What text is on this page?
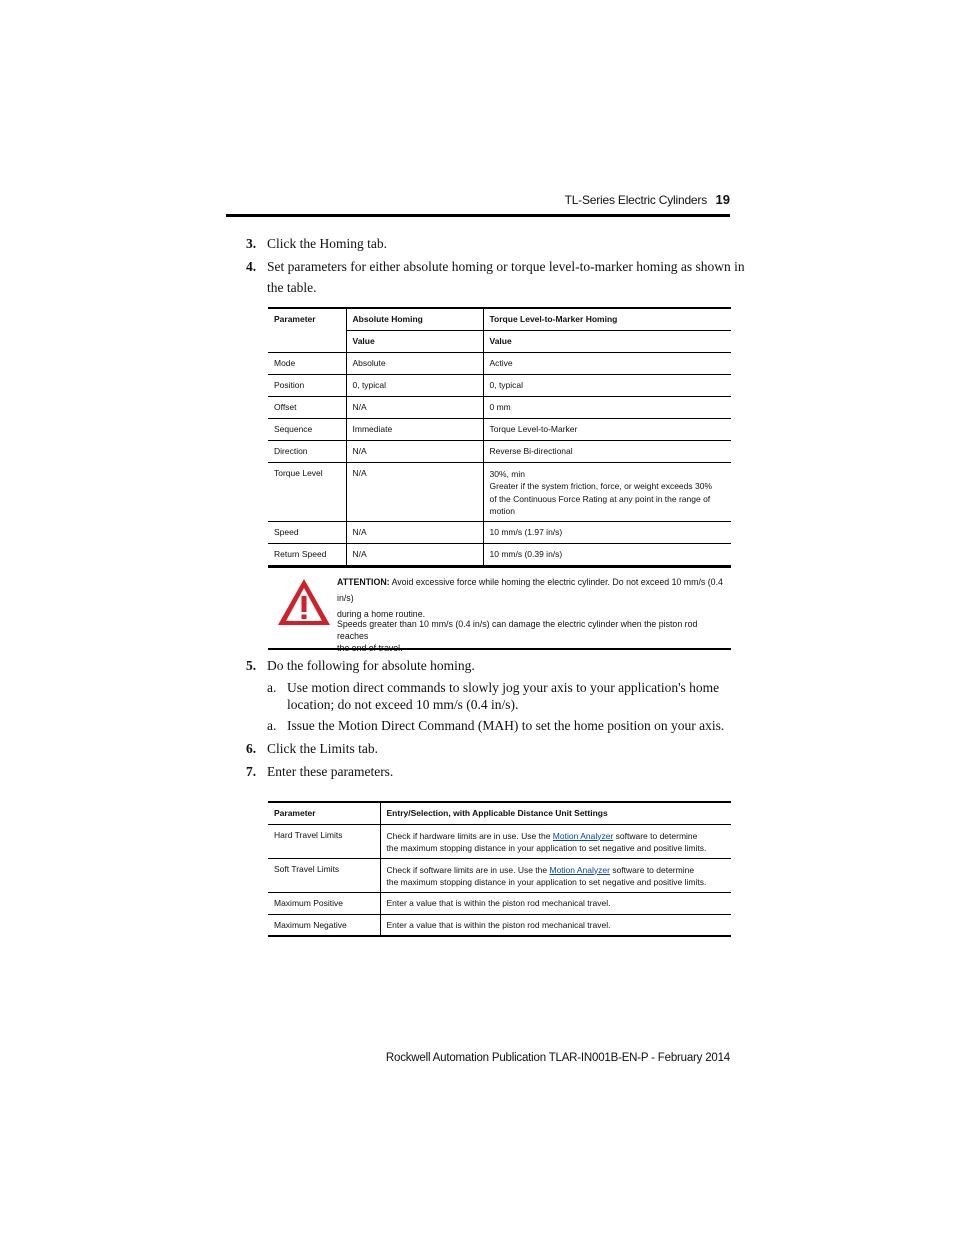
TL-Series Electric Cylinders 19
3. Click the Homing tab.
4. Set parameters for either absolute homing or torque level-to-marker homing as shown in
the table.
Parameter	Absolute Homing	Torque Level-to-Marker Homing
	Value	Value
Mode	Absolute	Active
Position	0, typical	0, typical
Offset	N/A	0 mm
Sequence	Immediate	Torque Level-to-Marker
Direction	N/A	Reverse Bi-directional
Torque Level	N/A	30%, min
Greater if the system friction, force, or weight exceeds 30%
of the Continuous Force Rating at any point in the range of
motion

Speed	N/A	10 mm/s (1.97 in/s)
Return Speed	N/A	10 mm/s (0.39 in/s)
ATTENTION: Avoid excessive force while homing the electric cylinder. Do not exceed 10 mm/s (0.4 in/s)
during a home routine.
Speeds greater than 10 mm/s (0.4 in/s) can damage the electric cylinder when the piston rod reaches

5. Do the following for absolute homing.
a. Use motion direct commands to slowly jog your axis to your application's home
location; do not exceed 10 mm/s (0.4 in/s).
a. Issue the Motion Direct Command (MAH) to set the home position on your axis.
6. Click the Limits tab.
7. Enter these parameters.
Parameter	Entry/Selection, with Applicable Distance Unit Settings
Hard Travel Limits	Check if hardware limits are in use. Use the Motion Analyzer software to determine
the maximum stopping distance in your application to set negative and positive limits.

Soft Travel Limits	Check if software limits are in use. Use the Motion Analyzer software to determine
the maximum stopping distance in your application to set negative and positive limits.

Maximum Positive	Enter a value that is within the piston rod mechanical travel.
Maximum Negative	Enter a value that is within the piston rod mechanical travel.
Rockwell Automation Publication TLAR-IN001B-EN-P - February 2014
